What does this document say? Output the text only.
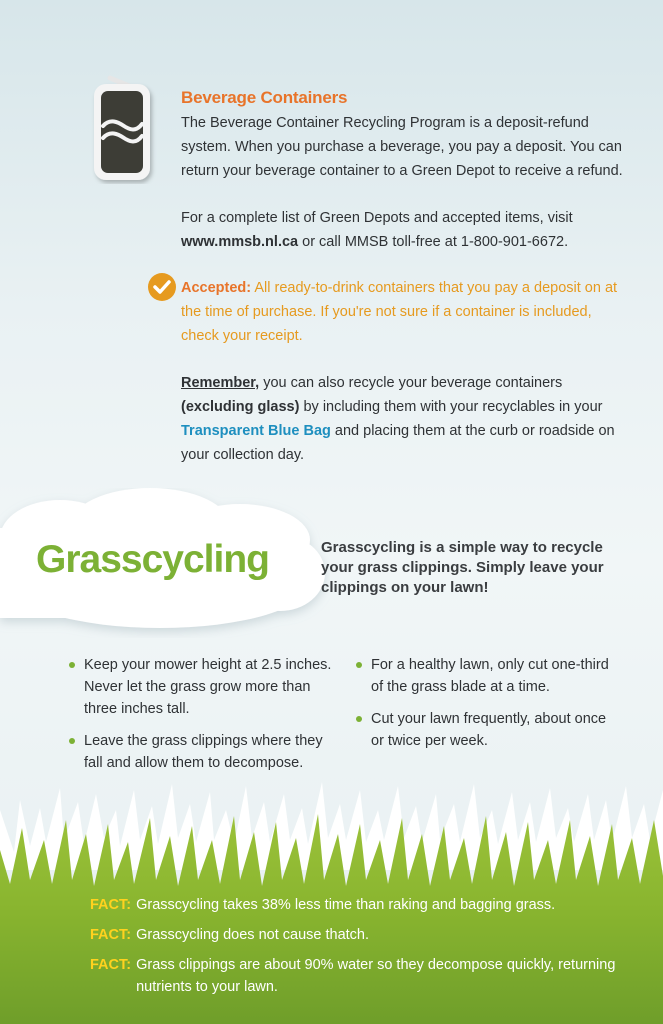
Beverage Containers
The Beverage Container Recycling Program is a deposit-refund system. When you purchase a beverage, you pay a deposit. You can return your beverage container to a Green Depot to receive a refund.
For a complete list of Green Depots and accepted items, visit www.mmsb.nl.ca or call MMSB toll-free at 1-800-901-6672.
Accepted: All ready-to-drink containers that you pay a deposit on at the time of purchase. If you're not sure if a container is included, check your receipt.
Remember, you can also recycle your beverage containers (excluding glass) by including them with your recyclables in your Transparent Blue Bag and placing them at the curb or roadside on your collection day.
Grasscycling	Grasscycling is a simple way to recycle your grass clippings. Simply leave your clippings on your lawn!
Keep your mower height at 2.5 inches. Never let the grass grow more than three inches tall.
Leave the grass clippings where they fall and allow them to decompose.
For a healthy lawn, only cut one-third of the grass blade at a time.
Cut your lawn frequently, about once or twice per week.
FACT: Grasscycling takes 38% less time than raking and bagging grass.
FACT: Grasscycling does not cause thatch.
FACT: Grass clippings are about 90% water so they decompose quickly, returning nutrients to your lawn.
